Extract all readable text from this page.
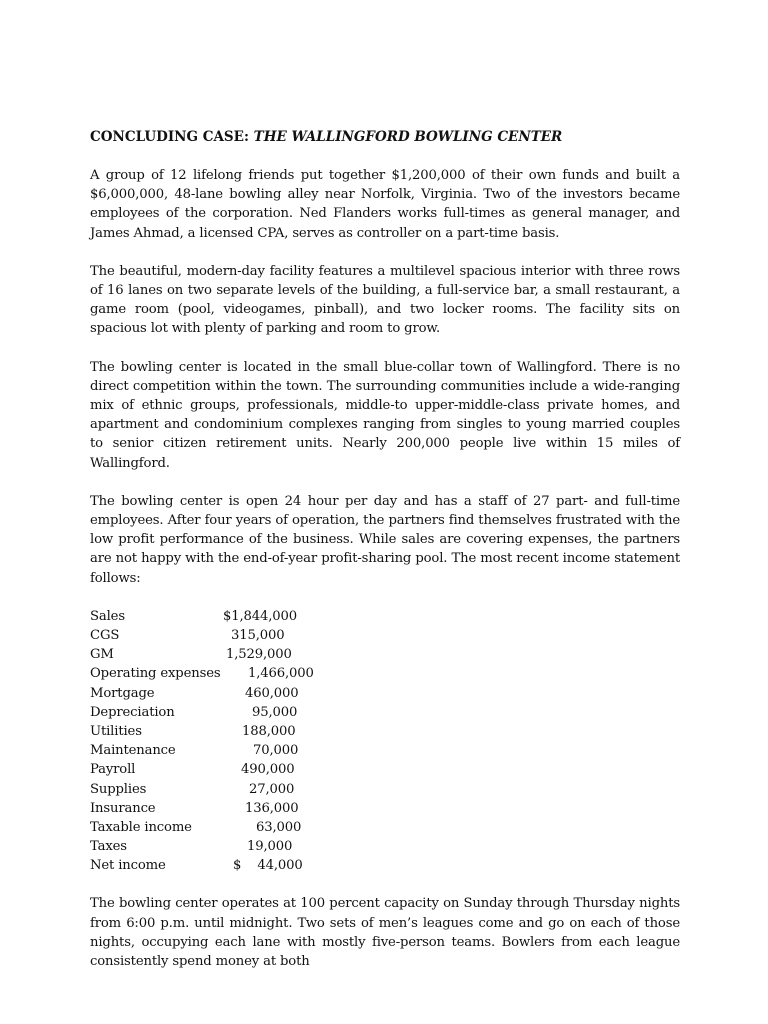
CONCLUDING CASE: THE WALLINGFORD BOWLING CENTER

A group of 12 lifelong friends put together $1,200,000 of their own funds and built a $6,000,000, 48-lane bowling alley near Norfolk, Virginia. Two of the investors became employees of the corporation. Ned Flanders works full-times as general manager, and James Ahmad, a licensed CPA, serves as controller on a part-time basis.

The beautiful, modern-day facility features a multilevel spacious interior with three rows of 16 lanes on two separate levels of the building, a full-service bar, a small restaurant, a game room (pool, videogames, pinball), and two locker rooms. The facility sits on spacious lot with plenty of parking and room to grow.

The bowling center is located in the small blue-collar town of Wallingford. There is no direct competition within the town. The surrounding communities include a wide-ranging mix of ethnic groups, professionals, middle-to upper-middle-class private homes, and apartment and condominium complexes ranging from singles to young married couples to senior citizen retirement units. Nearly 200,000 people live within 15 miles of Wallingford.

The bowling center is open 24 hour per day and has a staff of 27 part- and full-time employees. After four years of operation, the partners find themselves frustrated with the low profit performance of the business. While sales are covering expenses, the partners are not happy with the end-of-year profit-sharing pool. The most recent income statement follows:

Sales	$1,844,000
CGS	315,000
GM	1,529,000
Operating expenses 1,466,000
Mortgage	460,000
Depreciation	95,000
Utilities	188,000
Maintenance	70,000
Payroll	490,000
Supplies	27,000
Insurance	136,000
Taxable income	63,000
Taxes	19,000
Net income	$    44,000

The bowling center operates at 100 percent capacity on Sunday through Thursday nights from 6:00 p.m. until midnight. Two sets of men’s leagues come and go on each of those nights, occupying each lane with mostly five-person teams. Bowlers from each league consistently spend money at both
